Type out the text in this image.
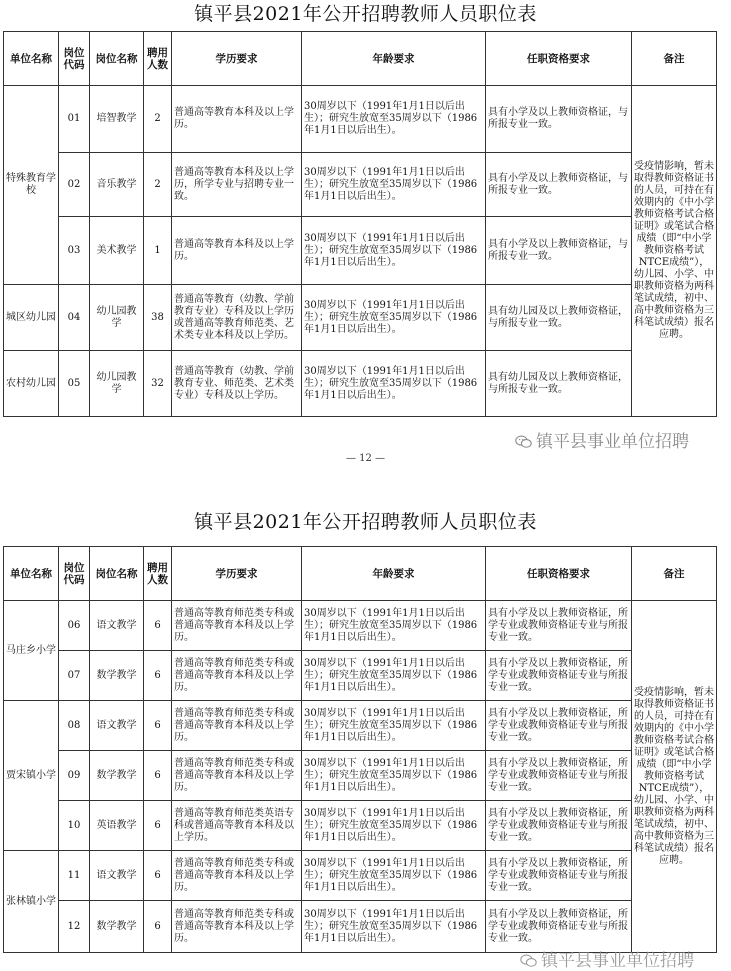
镇平县2021年公开招聘教师人员职位表
单位名称	岗位代码	岗位名称	聘用人数	学历要求	年龄要求	任职资格要求	备注
特殊教育学校	01	培智教学	2	普通高等教育本科及以上学历。	30周岁以下（1991年1月1日以后出生）；研究生放宽至35周岁以下（1986年1月1日以后出生）。	具有小学及以上教师资格证，与所报专业一致。	受疫情影响，暂未取得教师资格证书的人员，可持在有效期内的《中小学教师资格考试合格证明》或笔试合格成绩（即“中小学教师资格考试NTCE成绩”），幼儿园、小学、中职教师资格为两科笔试成绩，初中、高中教师资格为三科笔试成绩）报名应聘。
	02	音乐教学	2	普通高等教育本科及以上学历，所学专业与招聘专业一致。	30周岁以下（1991年1月1日以后出生）；研究生放宽至35周岁以下（1986年1月1日以后出生）。	具有小学及以上教师资格证，与所报专业一致。	
	03	美术教学	1	普通高等教育本科及以上学历。	30周岁以下（1991年1月1日以后出生）；研究生放宽至35周岁以下（1986年1月1日以后出生）。	具有小学及以上教师资格证，与所报专业一致。	
城区幼儿园	04	幼儿园教学	38	普通高等教育（幼教、学前教育专业）专科及以上学历或普通高等教育师范类、艺术类专业本科及以上学历。	30周岁以下（1991年1月1日以后出生）；研究生放宽至35周岁以下（1986年1月1日以后出生）。	具有幼儿园及以上教师资格证，与所报专业一致。	
农村幼儿园	05	幼儿园教学	32	普通高等教育（幼教、学前教育专业、师范类、艺术类专业）专科及以上学历。	30周岁以下（1991年1月1日以后出生）；研究生放宽至35周岁以下（1986年1月1日以后出生）。	具有幼儿园及以上教师资格证，与所报专业一致。	
镇平县事业单位招聘
— 12 —
镇平县2021年公开招聘教师人员职位表
单位名称	岗位代码	岗位名称	聘用人数	学历要求	年龄要求	任职资格要求	备注
马庄乡小学	06	语文教学	6	普通高等教育师范类专科或普通高等教育本科及以上学历。	30周岁以下（1991年1月1日以后出生）；研究生放宽至35周岁以下（1986年1月1日以后出生）。	具有小学及以上教师资格证，所学专业或教师资格证专业与所报专业一致。	受疫情影响，暂未取得教师资格证书的人员，可持在有效期内的《中小学教师资格考试合格证明》或笔试合格成绩（即“中小学教师资格考试NTCE成绩”），幼儿园、小学、中职教师资格为两科笔试成绩，初中、高中教师资格为三科笔试成绩）报名应聘。
	07	数学教学	6	普通高等教育师范类专科或普通高等教育本科及以上学历。	30周岁以下（1991年1月1日以后出生）；研究生放宽至35周岁以下（1986年1月1日以后出生）。	具有小学及以上教师资格证，所学专业或教师资格证专业与所报专业一致。	
贾宋镇小学	08	语文教学	6	普通高等教育师范类专科或普通高等教育本科及以上学历。	30周岁以下（1991年1月1日以后出生）；研究生放宽至35周岁以下（1986年1月1日以后出生）。	具有小学及以上教师资格证，所学专业或教师资格证专业与所报专业一致。	
	09	数学教学	6	普通高等教育师范类专科或普通高等教育本科及以上学历。	30周岁以下（1991年1月1日以后出生）；研究生放宽至35周岁以下（1986年1月1日以后出生）。	具有小学及以上教师资格证，所学专业或教师资格证专业与所报专业一致。	
	10	英语教学	6	普通高等教育师范类英语专科或普通高等教育本科及以上学历。	30周岁以下（1991年1月1日以后出生）；研究生放宽至35周岁以下（1986年1月1日以后出生）。	具有小学及以上教师资格证，所学专业或教师资格证专业与所报专业一致。	
张林镇小学	11	语文教学	6	普通高等教育师范类专科或普通高等教育本科及以上学历。	30周岁以下（1991年1月1日以后出生）；研究生放宽至35周岁以下（1986年1月1日以后出生）。	具有小学及以上教师资格证，所学专业或教师资格证专业与所报专业一致。	
	12	数学教学	6	普通高等教育师范类专科或普通高等教育本科及以上学历。	30周岁以下（1991年1月1日以后出生）；研究生放宽至35周岁以下（1986年1月1日以后出生）。	具有小学及以上教师资格证，所学专业或教师资格证专业与所报专业一致。	
镇平县事业单位招聘
